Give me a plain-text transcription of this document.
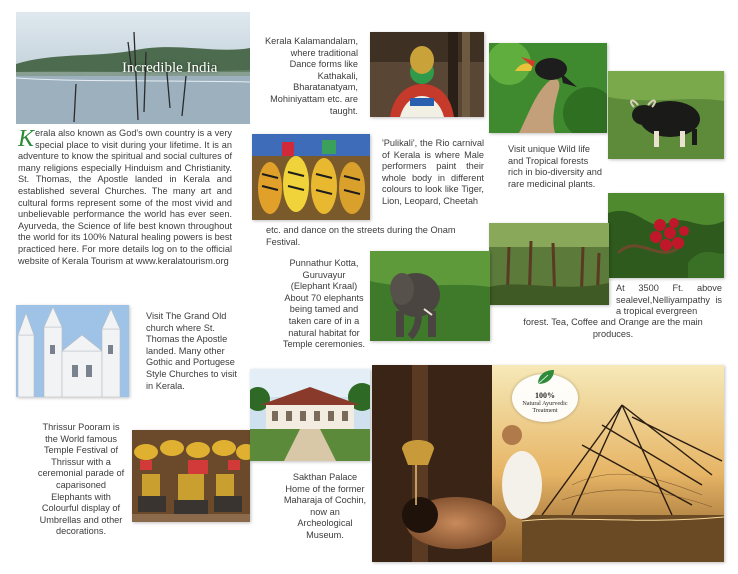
Incredible India
K erala also known as God's own country is a very special place to visit during your lifetime. It is an adventure to know the spiritual and social cultures of many religions especially Hinduism and Christianity. St. Thomas, the Apostle landed in Kerala and established several Churches. The many art and cultural forms represent some of the most vivid and unbelievable performance the world has ever seen. Ayurveda, the Science of life best known throughout the world for its 100% Natural healing powers is best practiced here. For more details log on to the official website of Kerala Tourism at www.keralatourism.org
Kerala Kalamandalam, where traditional Dance forms like Kathakali, Bharatanatyam, Mohiniyattam etc. are taught.
Visit unique Wild life and Tropical forests rich in bio-diversity and rare medicinal plants.
'Pulikali', the Rio carnival of Kerala is where Male performers paint their whole body in different colours to look like Tiger, Lion, Leopard, Cheetah
etc. and dance on the streets during the Onam Festival.
At 3500 Ft. above sealevel,Nelliyampathy is a tropical evergreen
forest. Tea, Coffee and Orange are the main produces.
Punnathur Kotta, Guruvayur (Elephant Kraal) About 70 elephants being tamed and taken care of in a natural habitat for Temple ceremonies.
Visit The Grand Old church where St. Thomas the Apostle landed. Many other Gothic and Portugese Style Churches to visit in Kerala.
Thrissur Pooram is the World famous Temple Festival of Thrissur with a ceremonial parade of caparisoned Elephants with Colourful display of Umbrellas and other decorations.
Sakthan Palace Home of the former Maharaja of Cochin, now an Archeological Museum.
100%
Natural Ayurvedic
Treatment
